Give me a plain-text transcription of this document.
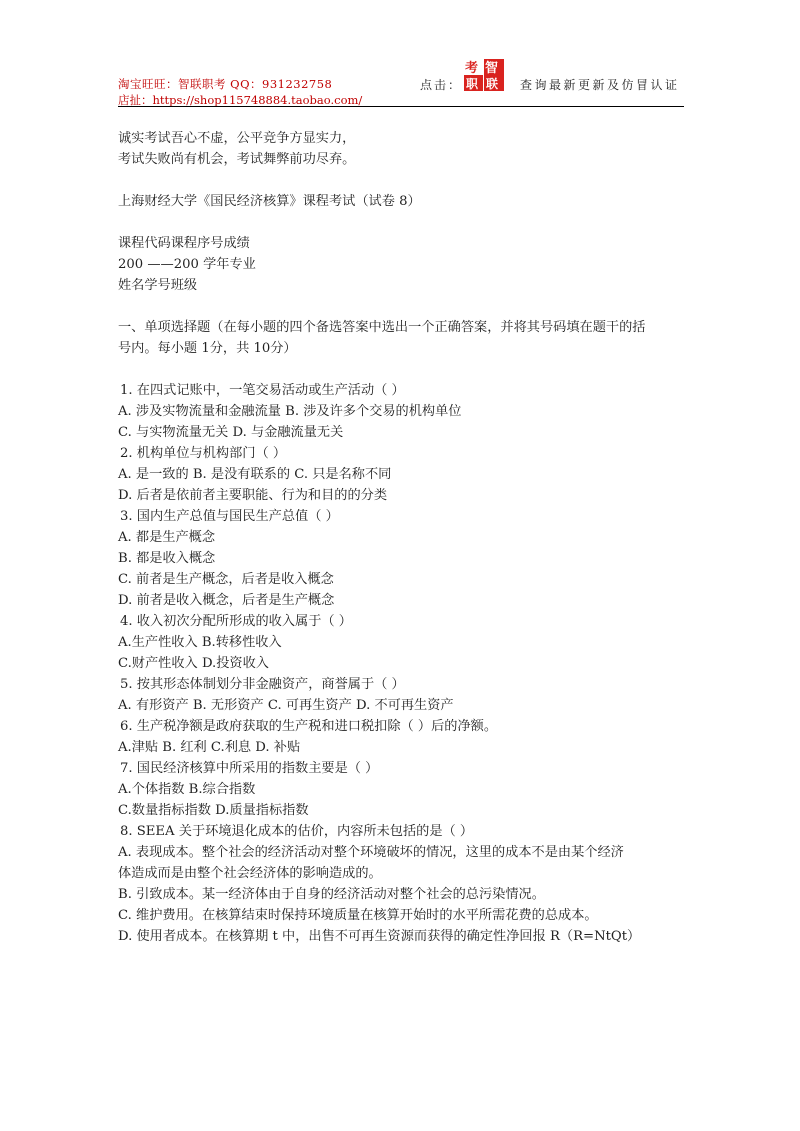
淘宝旺旺：智联职考 QQ：931232758
店扯：https://shop115748884.taobao.com/
点击：
考 智
职 联 查询最新更新及仿冒认证

诚实考试吾心不虚，公平竞争方显实力，

考试失败尚有机会，考试舞弊前功尽弃。

上海财经大学《国民经济核算》课程考试（试卷 8）

课程代码课程序号成绩

200 ——200 学年专业

姓名学号班级

一、单项选择题（在每小题的四个备选答案中选出一个正确答案，并将其号码填在题干的括

号内。每小题 1分，共 10分）

1. 在四式记账中，一笔交易活动或生产活动（ ）

A. 涉及实物流量和金融流量 B. 涉及许多个交易的机构单位

C. 与实物流量无关 D. 与金融流量无关

2. 机构单位与机构部门（ ）

A. 是一致的 B. 是没有联系的 C. 只是名称不同

D. 后者是依前者主要职能、行为和目的的分类

3. 国内生产总值与国民生产总值（ ）

A. 都是生产概念

B. 都是收入概念

C. 前者是生产概念，后者是收入概念

D. 前者是收入概念，后者是生产概念

4. 收入初次分配所形成的收入属于（ ）

A.生产性收入 B.转移性收入

C.财产性收入 D.投资收入

5. 按其形态体制划分非金融资产，商誉属于（ ）

A. 有形资产 B. 无形资产 C. 可再生资产 D. 不可再生资产

6. 生产税净额是政府获取的生产税和进口税扣除（ ）后的净额。

A.津贴 B. 红利 C.利息 D. 补贴

7. 国民经济核算中所采用的指数主要是（ ）

A.个体指数 B.综合指数

C.数量指标指数 D.质量指标指数

8. SEEA 关于环境退化成本的估价，内容所未包括的是（ ）

A. 表现成本。整个社会的经济活动对整个环境破坏的情况，这里的成本不是由某个经济

体造成而是由整个社会经济体的影响造成的。

B. 引致成本。某一经济体由于自身的经济活动对整个社会的总污染情况。

C. 维护费用。在核算结束时保持环境质量在核算开始时的水平所需花费的总成本。

D. 使用者成本。在核算期 t 中，出售不可再生资源而获得的确定性净回报 R（R=NtQt）
